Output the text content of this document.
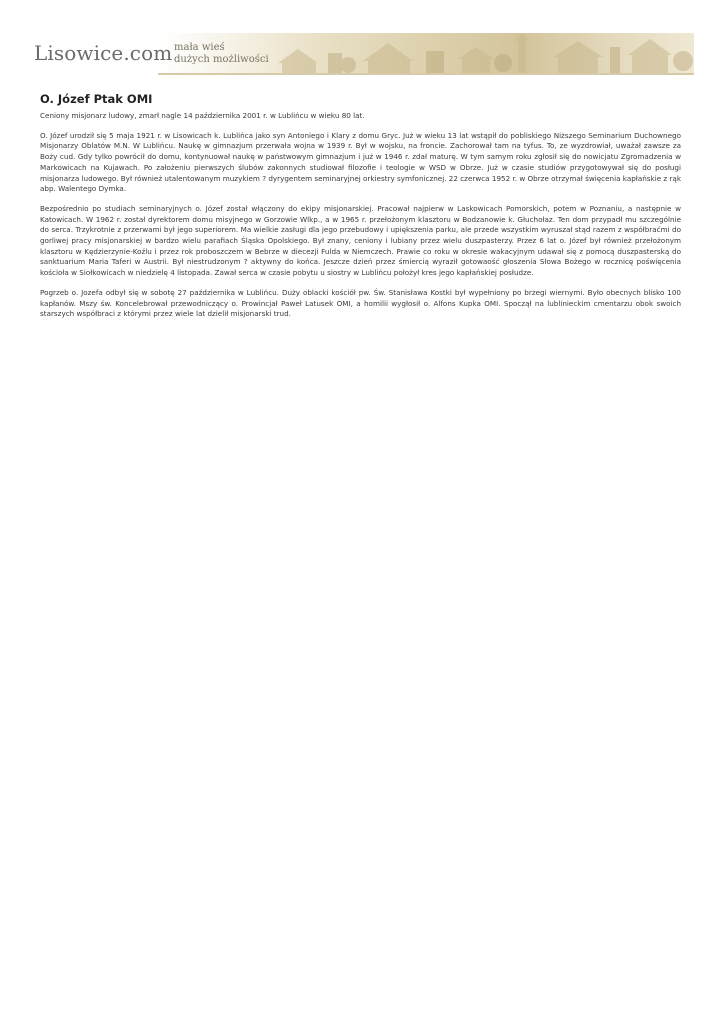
Lisowice.com mała wieś
dużych możliwości
O. Józef Ptak OMI

Ceniony misjonarz ludowy, zmarł nagle 14 października 2001 r. w Lublińcu w wieku 80 lat.

O. Józef urodził się 5 maja 1921 r. w Lisowicach k. Lublińca jako syn Antoniego i Klary z domu Gryc. Już w wieku 13 lat wstąpił do pobliskiego Niższego Seminarium Duchownego Misjonarzy Oblatów M.N. W Lublińcu. Naukę w gimnazjum przerwała wojna w 1939 r. Był w wojsku, na froncie. Zachorował tam na tyfus. To, ze wyzdrowiał, uważał zawsze za Boży cud. Gdy tylko powrócił do domu, kontynuował naukę w państwowym gimnazjum i już w 1946 r. zdał maturę. W tym samym roku zgłosił się do nowicjatu Zgromadzenia w Markowicach na Kujawach. Po założeniu pierwszych ślubów zakonnych studiował filozofie i teologie w WSD w Obrze. Już w czasie studiów przygotowywał się do posługi misjonarza ludowego. Był również utalentowanym muzykiem ? dyrygentem seminaryjnej orkiestry symfonicznej. 22 czerwca 1952 r. w Obrze otrzymał święcenia kapłańskie z rąk abp. Walentego Dymka.

Bezpośrednio po studiach seminaryjnych o. Józef został włączony do ekipy misjonarskiej. Pracował najpierw w Laskowicach Pomorskich, potem w Poznaniu, a następnie w Katowicach. W 1962 r. został dyrektorem domu misyjnego w Gorzowie Wlkp., a w 1965 r. przełożonym klasztoru w Bodzanowie k. Głuchołaz. Ten dom przypadł mu szczególnie do serca. Trzykrotnie z przerwami był jego superiorem. Ma wielkie zasługi dla jego przebudowy i upiększenia parku, ale przede wszystkim wyruszał stąd razem z współbraćmi do gorliwej pracy misjonarskiej w bardzo wielu parafiach Śląska Opolskiego. Był znany, ceniony i lubiany przez wielu duszpasterzy. Przez 6 lat o. Józef był również przełożonym klasztoru w Kędzierzynie-Koźlu i przez rok proboszczem w Bebrze w diecezji Fulda w Niemczech. Prawie co roku w okresie wakacyjnym udawał się z pomocą duszpasterską do sanktuarium Maria Taferi w Austrii. Był niestrudzonym ? aktywny do końca. Jeszcze dzień przez śmiercią wyraził gotowaość głoszenia Słowa Bożego w rocznicę poświęcenia kościoła w Siołkowicach w niedzielę 4 listopada. Zawał serca w czasie pobytu u siostry w Lublińcu położył kres jego kapłańskiej posłudze.

Pogrzeb o. Jozefa odbył się w sobotę 27 października w Lublińcu. Duży oblacki kościół pw. Św. Stanisława Kostki był wypełniony po brzegi wiernymi. Było obecnych blisko 100 kapłanów. Mszy św. Koncelebrował przewodniczący o. Prowincjał Paweł Latusek OMI, a homilii wygłosił o. Alfons Kupka OMI. Spoczął na lublinieckim cmentarzu obok swoich starszych współbraci z którymi przez wiele lat dzielił misjonarski trud.
